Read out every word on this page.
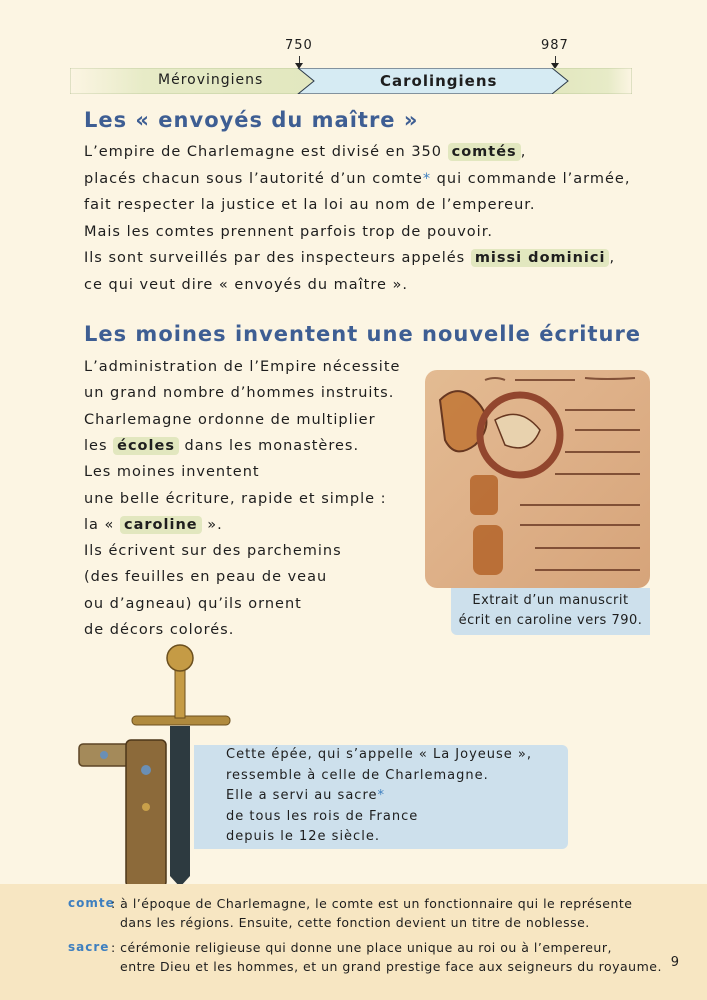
750	987
Mérovingiens	Carolingiens
Les « envoyés du maître »
L’empire de Charlemagne est divisé en 350 comtés ,
placés chacun sous l’autorité d’un comte* qui commande l’armée,
fait respecter la justice et la loi au nom de l’empereur.
Mais les comtes prennent parfois trop de pouvoir.
Ils sont surveillés par des inspecteurs appelés missi dominici ,
ce qui veut dire « envoyés du maître ».
Les moines inventent une nouvelle écriture
L’administration de l’Empire nécessite
un grand nombre d’hommes instruits.
Charlemagne ordonne de multiplier
les écoles dans les monastères.
Les moines inventent
une belle écriture, rapide et simple :
la « caroline ».
Ils écrivent sur des parchemins
(des feuilles en peau de veau
ou d’agneau) qu’ils ornent
de décors colorés.
Extrait d’un manuscrit
écrit en caroline vers 790.
Cette épée, qui s’appelle « La Joyeuse »,
ressemble à celle de Charlemagne.
Elle a servi au sacre*
de tous les rois de France
depuis le 12e siècle.
comte
: à l’époque de Charlemagne, le comte est un fonctionnaire qui le représente
dans les régions. Ensuite, cette fonction devient un titre de noblesse.
sacre : cérémonie religieuse qui donne une place unique au roi ou à l’empereur,
entre Dieu et les hommes, et un grand prestige face aux seigneurs du royaume. 9
